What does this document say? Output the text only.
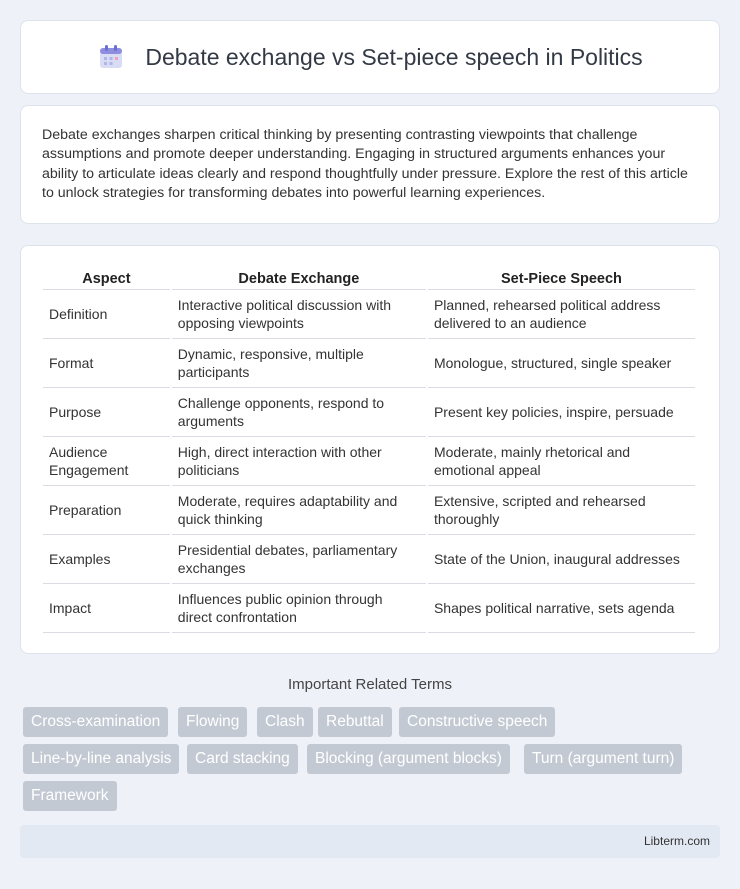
Debate exchange vs Set-piece speech in Politics

Debate exchanges sharpen critical thinking by presenting contrasting viewpoints that challenge assumptions and promote deeper understanding. Engaging in structured arguments enhances your ability to articulate ideas clearly and respond thoughtfully under pressure. Explore the rest of this article to unlock strategies for transforming debates into powerful learning experiences.

Aspect	Debate Exchange	Set-Piece Speech
Definition	Interactive political discussion with opposing viewpoints	Planned, rehearsed political address delivered to an audience
Format	Dynamic, responsive, multiple participants	Monologue, structured, single speaker
Purpose	Challenge opponents, respond to arguments	Present key policies, inspire, persuade
Audience Engagement	High, direct interaction with other politicians	Moderate, mainly rhetorical and emotional appeal
Preparation	Moderate, requires adaptability and quick thinking	Extensive, scripted and rehearsed thoroughly
Examples	Presidential debates, parliamentary exchanges	State of the Union, inaugural addresses
Impact	Influences public opinion through direct confrontation	Shapes political narrative, sets agenda
Important Related Terms
Cross-examination	Flowing	Clash	Rebuttal	Constructive speech
Line-by-line analysis	Card stacking	Blocking (argument blocks)	Turn (argument turn)
Framework
Libterm.com
